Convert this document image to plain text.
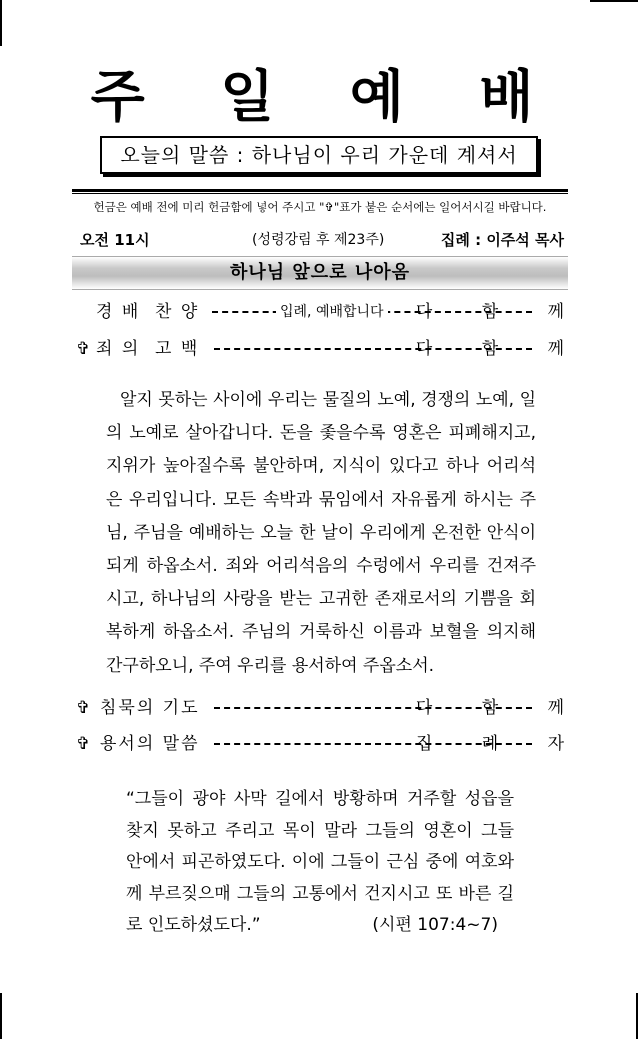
주 일 예 배
오늘의 말씀 : 하나님이 우리 가운데 계셔서
헌금은 예배 전에 미리 헌금함에 넣어 주시고 "✞"표가 붙은 순서에는 일어서시길 바랍니다.
오전 11시	(성령강림 후 제23주)	집례 : 이주석 목사
하나님 앞으로 나아옴
경 배  찬 양	입례, 예배합니다 다 함 께
✞ 죄 의  고 백	다 함 께
알지 못하는 사이에 우리는 물질의 노예, 경쟁의 노예, 일의 노예로 살아갑니다. 돈을 좇을수록 영혼은 피폐해지고, 지위가 높아질수록 불안하며, 지식이 있다고 하나 어리석은 우리입니다. 모든 속박과 묶임에서 자유롭게 하시는 주님, 주님을 예배하는 오늘 한 날이 우리에게 온전한 안식이 되게 하옵소서. 죄와 어리석음의 수렁에서 우리를 건져주시고, 하나님의 사랑을 받는 고귀한 존재로서의 기쁨을 회복하게 하옵소서. 주님의 거룩하신 이름과 보혈을 의지해 간구하오니, 주여 우리를 용서하여 주옵소서.
✞ 침묵의 기도	다 함 께
✞ 용서의 말씀	집 례 자
“그들이 광야 사막 길에서 방황하며 거주할 성읍을 찾지 못하고 주리고 목이 말라 그들의 영혼이 그들 안에서 피곤하였도다. 이에 그들이 근심 중에 여호와께 부르짖으매 그들의 고통에서 건지시고 또 바른 길로 인도하셨도다.”	(시편 107:4~7)
